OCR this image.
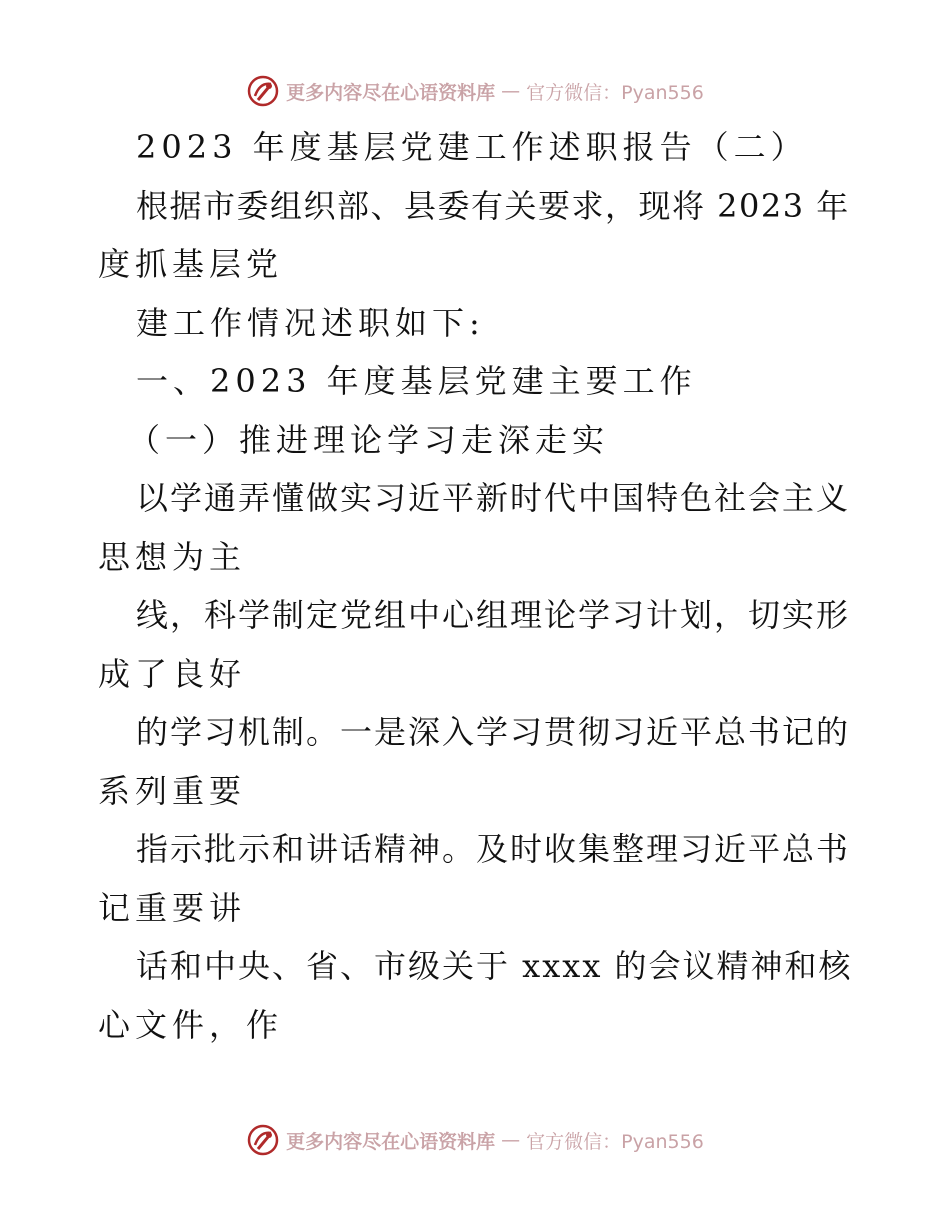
更多内容尽在心语资料库 — 官方微信：Pyan556
2023 年度基层党建工作述职报告（二）
根据市委组织部、县委有关要求，现将 2023 年
度抓基层党
建工作情况述职如下:
一、2023 年度基层党建主要工作
（一）推进理论学习走深走实
以学通弄懂做实习近平新时代中国特色社会主义
思想为主
线，科学制定党组中心组理论学习计划，切实形
成了良好
的学习机制。一是深入学习贯彻习近平总书记的
系列重要
指示批示和讲话精神。及时收集整理习近平总书
记重要讲
话和中央、省、市级关于 xxxx 的会议精神和核
心文件，作
更多内容尽在心语资料库 — 官方微信：Pyan556
